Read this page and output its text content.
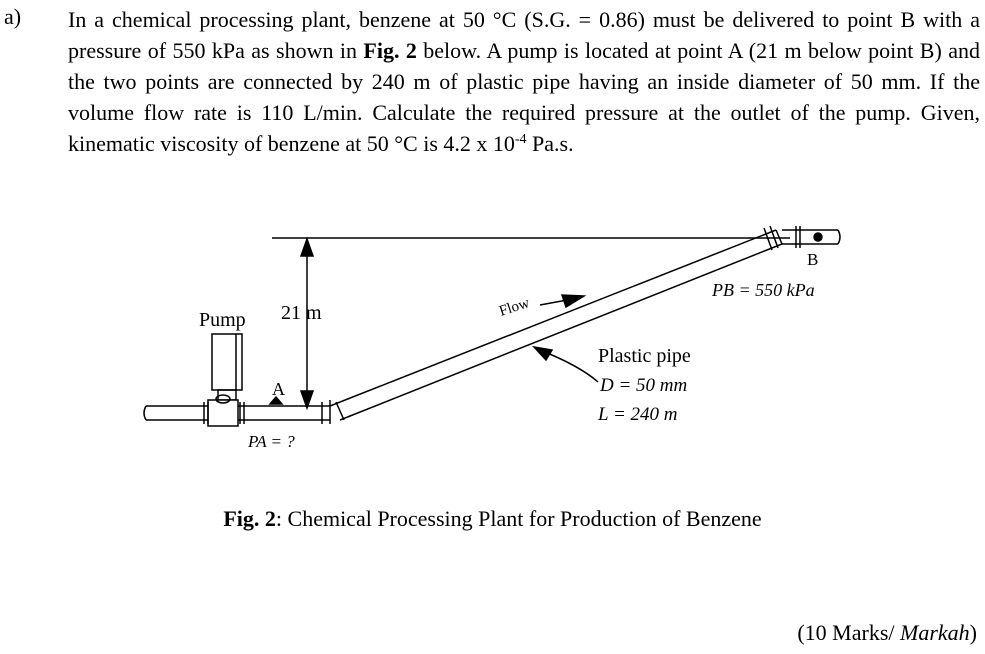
a) In a chemical processing plant, benzene at 50 °C (S.G. = 0.86) must be delivered to point B with a pressure of 550 kPa as shown in Fig. 2 below. A pump is located at point A (21 m below point B) and the two points are connected by 240 m of plastic pipe having an inside diameter of 50 mm. If the volume flow rate is 110 L/min. Calculate the required pressure at the outlet of the pump. Given, kinematic viscosity of benzene at 50 °C is 4.2 x $10^{-4}$ Pa.s.

Pump 21 m	Flow
A
PA = ?
B
PB = 550 kPa
Plastic pipe
D = 50 mm
L = 240 m
Fig. 2: Chemical Processing Plant for Production of Benzene
(10 Marks/ Markah)
